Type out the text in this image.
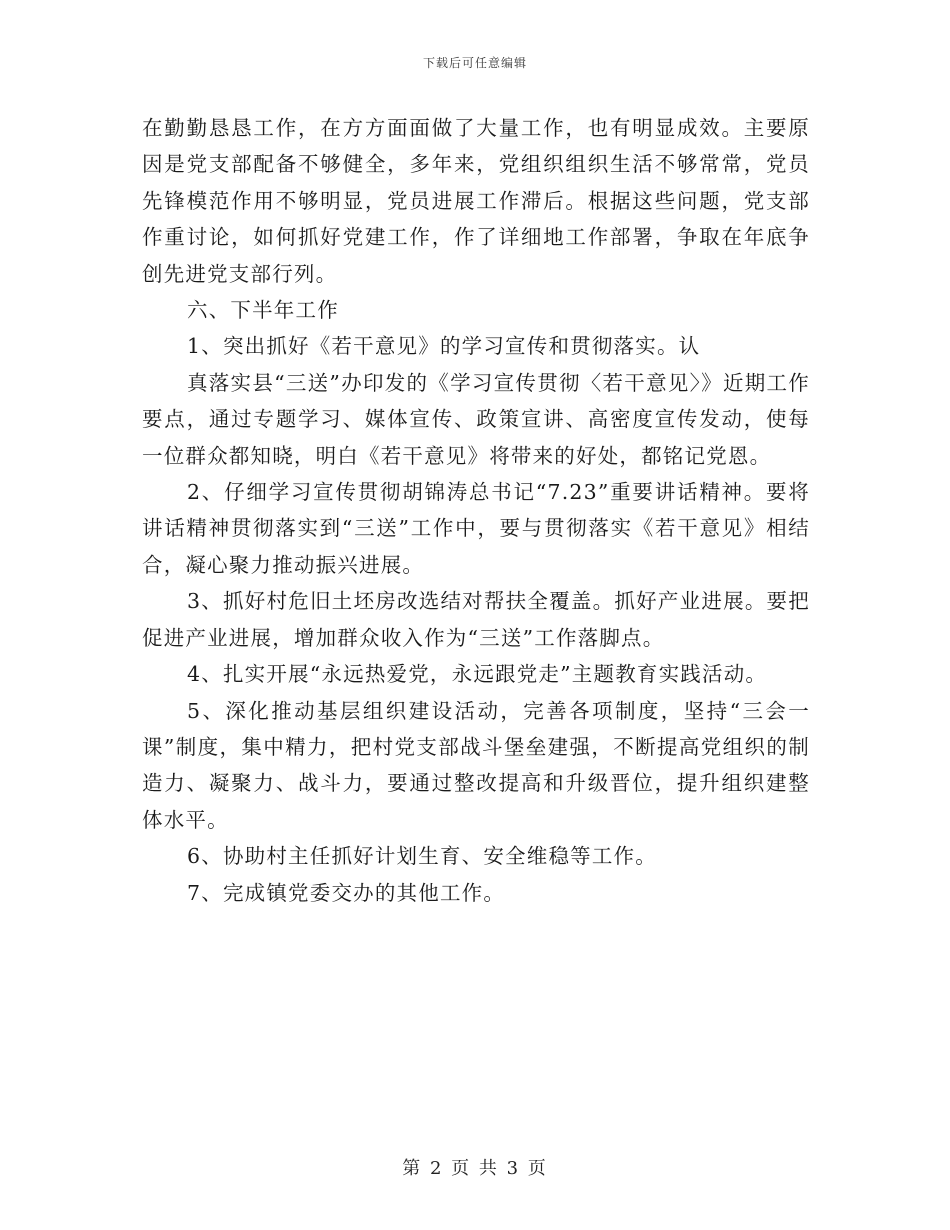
下载后可任意编辑

在勤勤恳恳工作，在方方面面做了大量工作，也有明显成效。主要原因是党支部配备不够健全，多年来，党组织组织生活不够常常，党员先锋模范作用不够明显，党员进展工作滞后。根据这些问题，党支部作重讨论，如何抓好党建工作，作了详细地工作部署，争取在年底争创先进党支部行列。

六、下半年工作

1、突出抓好《若干意见》的学习宣传和贯彻落实。认

真落实县“三送”办印发的《学习宣传贯彻〈若干意见〉》近期工作要点，通过专题学习、媒体宣传、政策宣讲、高密度宣传发动，使每一位群众都知晓，明白《若干意见》将带来的好处，都铭记党恩。

2、仔细学习宣传贯彻胡锦涛总书记“7.23”重要讲话精神。要将讲话精神贯彻落实到“三送”工作中，要与贯彻落实《若干意见》相结合，凝心聚力推动振兴进展。

3、抓好村危旧土坯房改选结对帮扶全覆盖。抓好产业进展。要把促进产业进展，增加群众收入作为“三送”工作落脚点。

4、扎实开展“永远热爱党，永远跟党走”主题教育实践活动。

5、深化推动基层组织建设活动，完善各项制度，坚持“三会一课”制度，集中精力，把村党支部战斗堡垒建强，不断提高党组织的制造力、凝聚力、战斗力，要通过整改提高和升级晋位，提升组织建整体水平。

6、协助村主任抓好计划生育、安全维稳等工作。

7、完成镇党委交办的其他工作。

第 2 页 共 3 页
